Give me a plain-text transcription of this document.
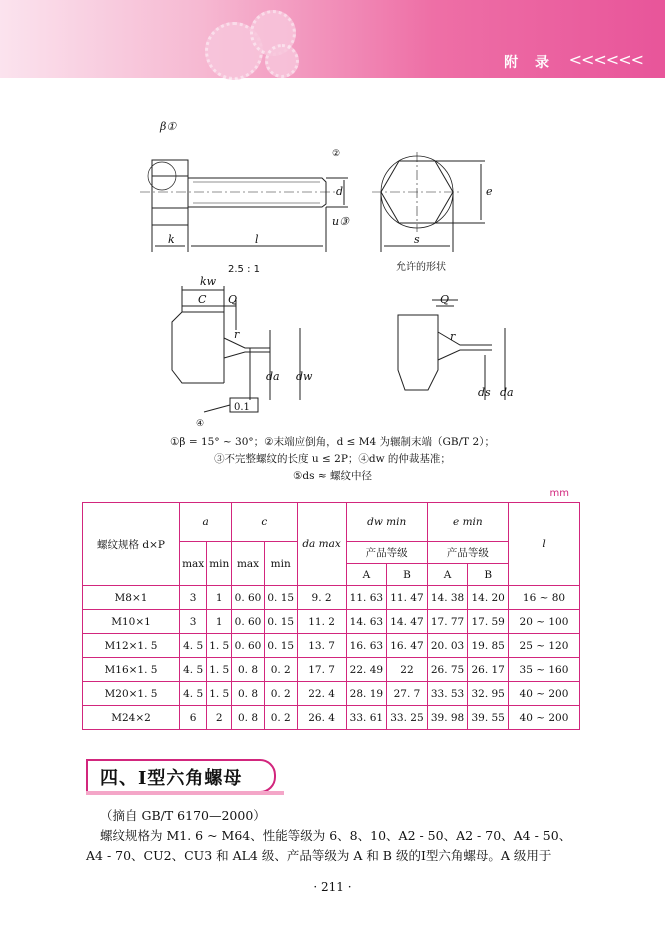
附 录 <<<<<<
β①
②
k	l
d
u③
e
s
kw
C Q
r
da dw
0.1
④
Q
r
ds da
2.5 : 1	允许的形状
①β = 15° ~ 30°；②末端应倒角，d ≤ M4 为辗制末端（GB/T 2）；
③不完整螺纹的长度 u ≤ 2P；④dw 的仲裁基准；
⑤ds ≈ 螺纹中径
mm
螺纹规格 d×P	a		c		da max	dw min		e min		l
	max	min	max	min		产品等级		产品等级		
						A	B	A	B	
M8×1	3	1	0. 60	0. 15	9. 2	11. 63	11. 47	14. 38	14. 20	16 ~ 80
M10×1	3	1	0. 60	0. 15	11. 2	14. 63	14. 47	17. 77	17. 59	20 ~ 100
M12×1. 5	4. 5	1. 5	0. 60	0. 15	13. 7	16. 63	16. 47	20. 03	19. 85	25 ~ 120
M16×1. 5	4. 5	1. 5	0. 8	0. 2	17. 7	22. 49	22	26. 75	26. 17	35 ~ 160
M20×1. 5	4. 5	1. 5	0. 8	0. 2	22. 4	28. 19	27. 7	33. 53	32. 95	40 ~ 200
M24×2	6	2	0. 8	0. 2	26. 4	33. 61	33. 25	39. 98	39. 55	40 ~ 200
四、Ⅰ型六角螺母
（摘自 GB/T 6170—2000）
螺纹规格为 M1. 6 ~ M64、性能等级为 6、8、10、A2 - 50、A2 - 70、A4 - 50、
A4 - 70、CU2、CU3 和 AL4 级、产品等级为 A 和 B 级的Ⅰ型六角螺母。A 级用于
· 211 ·
